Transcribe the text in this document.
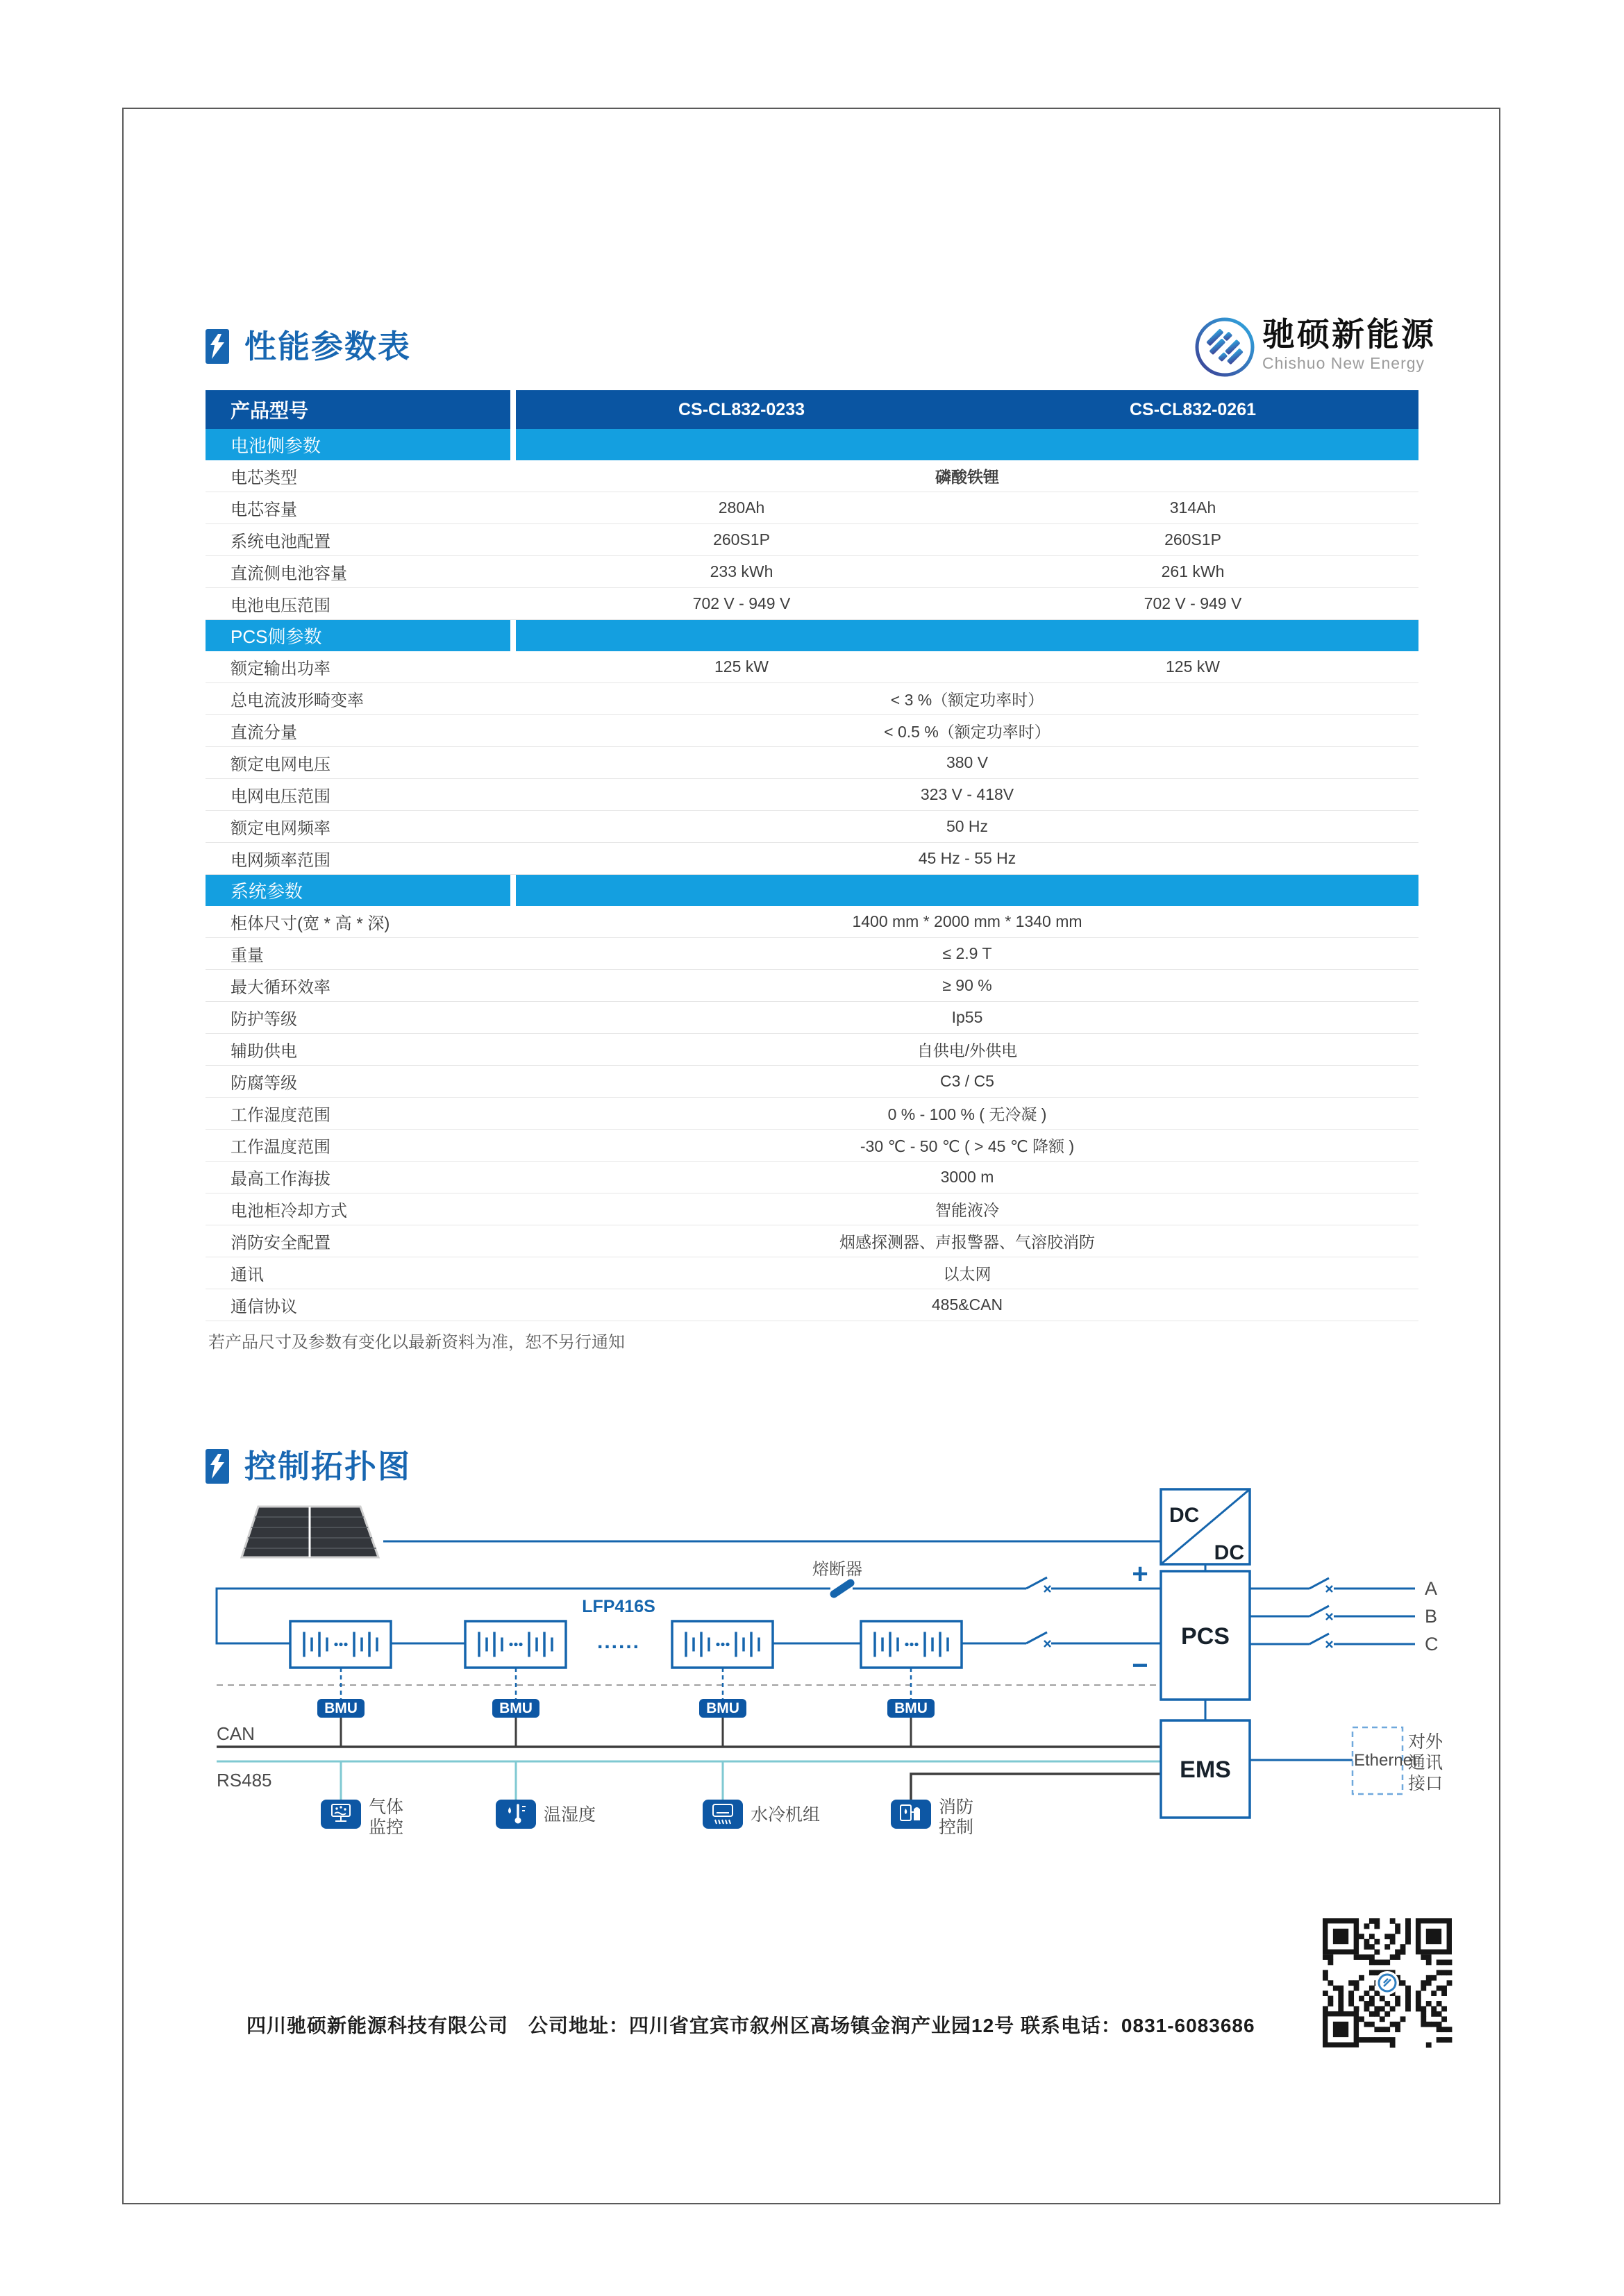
性能参数表	驰硕新能源
Chishuo New Energy
产品型号	CS-CL832-0233	CS-CL832-0261
电池侧参数
电芯类型	磷酸铁锂
电芯容量	280Ah	314Ah
系统电池配置	260S1P	260S1P
直流侧电池容量	233 kWh	261 kWh
电池电压范围	702 V - 949 V	702 V - 949 V
PCS侧参数
额定输出功率	125 kW	125 kW
总电流波形畸变率	< 3 %（额定功率时）
直流分量	< 0.5 %（额定功率时）
额定电网电压	380 V
电网电压范围	323 V - 418V
额定电网频率	50 Hz
电网频率范围	45 Hz - 55 Hz
系统参数
柜体尺寸(宽 * 高 * 深)	1400 mm * 2000 mm * 1340 mm
重量	≤ 2.9 T
最大循环效率	≥ 90 %
防护等级	Ip55
辅助供电	自供电/外供电
防腐等级	C3 / C5
工作湿度范围	0 % - 100 % ( 无冷凝 )
工作温度范围	-30 ℃ - 50 ℃ ( > 45 ℃ 降额 )
最高工作海拔	3000 m
电池柜冷却方式	智能液冷
消防安全配置	烟感探测器、声报警器、气溶胶消防
通讯	以太网
通信协议	485&CAN
若产品尺寸及参数有变化以最新资料为准，恕不另行通知
控制拓扑图
熔断器
LFP416S
......
+
−
DC
DC
PCS
A
B
C
CAN
RS485	EMS	Ethernet
对外
通讯
接口
BMU	BMU	BMU	BMU
气体
监控
温湿度	水冷机组	消防
控制
四川驰硕新能源科技有限公司　公司地址：四川省宜宾市叙州区高场镇金润产业园12号 联系电话：0831-6083686
